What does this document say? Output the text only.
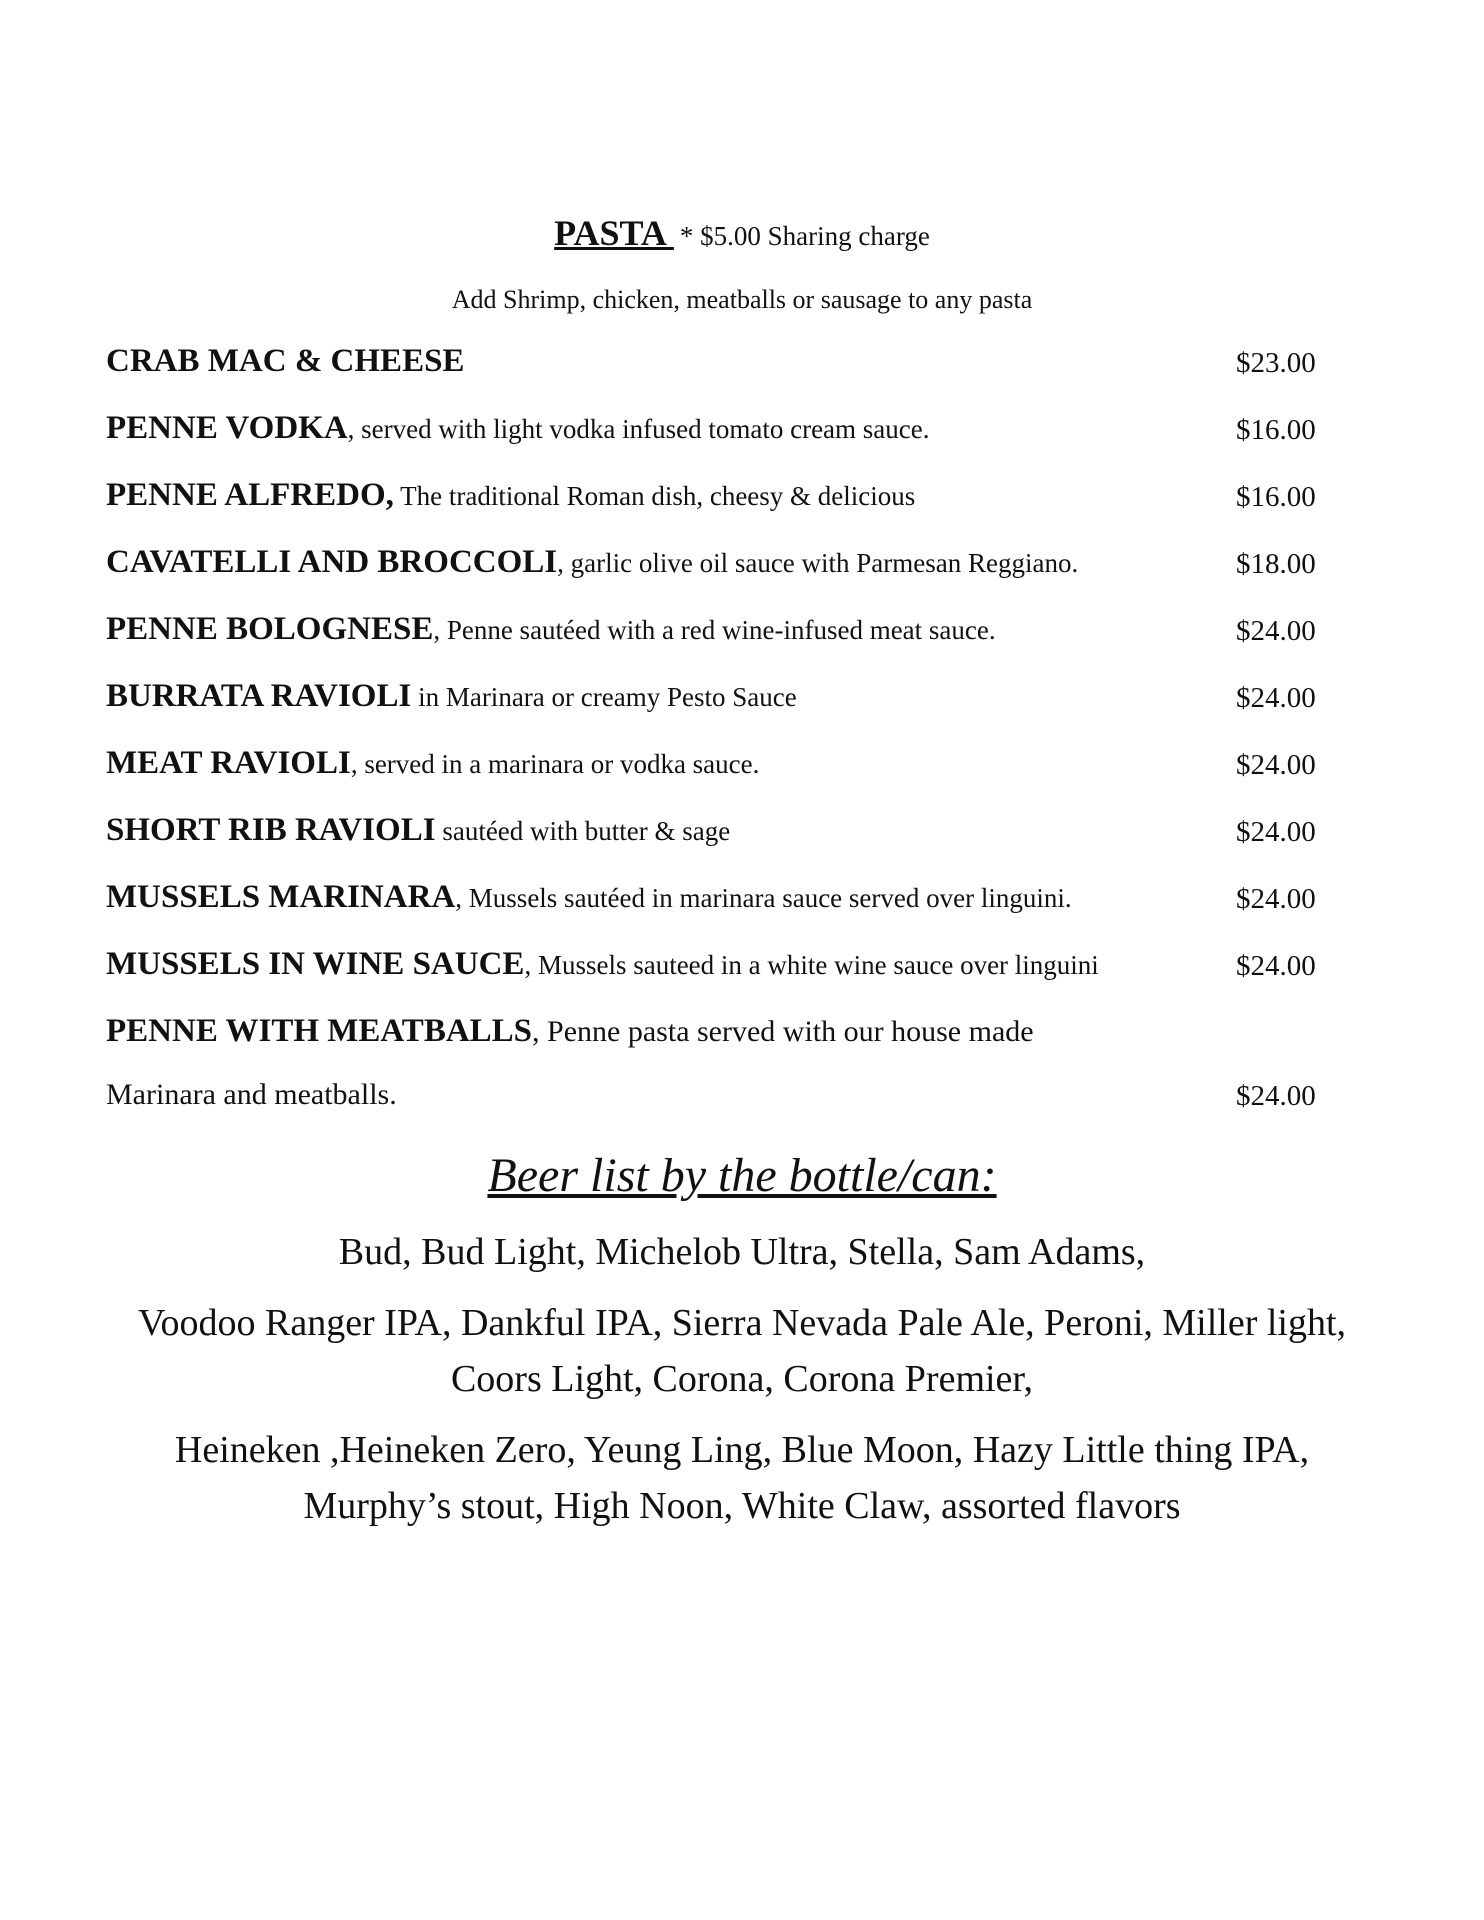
PASTA * $5.00 Sharing charge
Add Shrimp, chicken, meatballs or sausage to any pasta
CRAB MAC & CHEESE	$23.00
PENNE VODKA, served with light vodka infused tomato cream sauce.	$16.00
PENNE ALFREDO, The traditional Roman dish, cheesy & delicious	$16.00
CAVATELLI AND BROCCOLI, garlic olive oil sauce with Parmesan Reggiano.	$18.00
PENNE BOLOGNESE, Penne sautéed with a red wine-infused meat sauce.	$24.00
BURRATA RAVIOLI in Marinara or creamy Pesto Sauce	$24.00
MEAT RAVIOLI, served in a marinara or vodka sauce.	$24.00
SHORT RIB RAVIOLI sautéed with butter & sage	$24.00
MUSSELS MARINARA, Mussels sautéed in marinara sauce served over linguini.	$24.00
MUSSELS IN WINE SAUCE, Mussels sauteed in a white wine sauce over linguini	$24.00
PENNE WITH MEATBALLS, Penne pasta served with our house made
Marinara and meatballs.	$24.00
Beer list by the bottle/can:
Bud, Bud Light, Michelob Ultra, Stella, Sam Adams,
Voodoo Ranger IPA, Dankful IPA, Sierra Nevada Pale Ale, Peroni, Miller light, Coors Light, Corona, Corona Premier,
Heineken ,Heineken Zero, Yeung Ling, Blue Moon, Hazy Little thing IPA, Murphy’s stout, High Noon, White Claw, assorted flavors
